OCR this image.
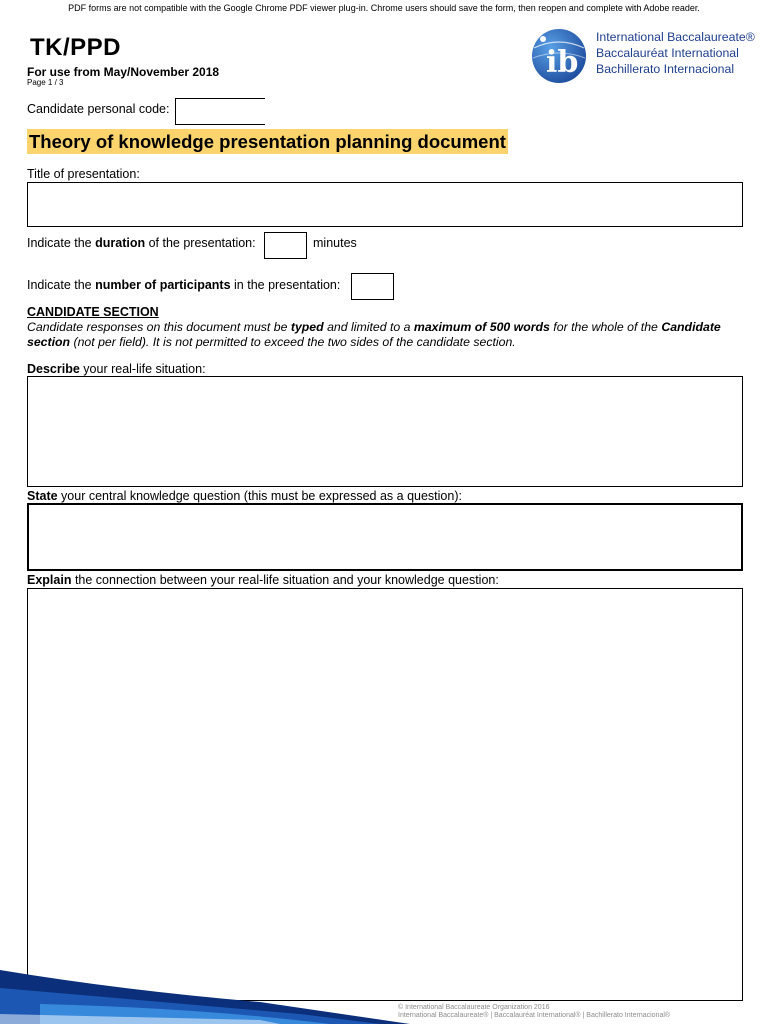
PDF forms are not compatible with the Google Chrome PDF viewer plug-in. Chrome users should save the form, then reopen and complete with Adobe reader.
TK/PPD
For use from May/November 2018
Page 1 / 3
ib
International Baccalaureate®
Baccalauréat International
Bachillerato Internacional
Candidate personal code:
Theory of knowledge presentation planning document
Title of presentation:
Indicate the duration of the presentation:	minutes
Indicate the number of participants in the presentation:
CANDIDATE SECTION
Candidate responses on this document must be typed and limited to a maximum of 500 words for the whole of the Candidate section (not per field). It is not permitted to exceed the two sides of the candidate section.
Describe your real-life situation:
State your central knowledge question (this must be expressed as a question):
Explain the connection between your real-life situation and your knowledge question:
© International Baccalaureate Organization 2016
International Baccalaureate® | Baccalauréat International® | Bachillerato Internacional®
